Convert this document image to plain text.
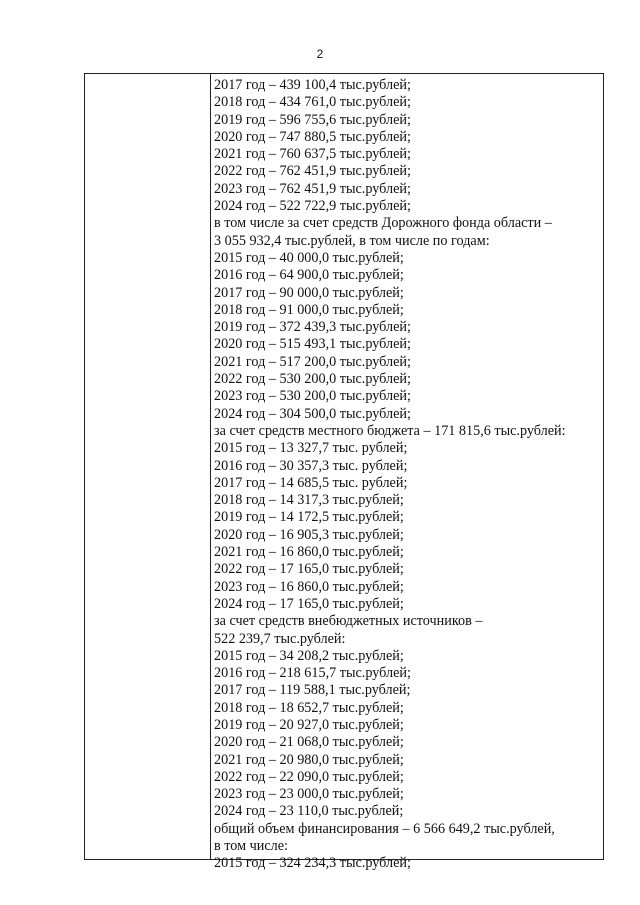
2
2017 год – 439 100,4 тыс.рублей;
2018 год – 434 761,0 тыс.рублей;
2019 год – 596 755,6 тыс.рублей;
2020 год – 747 880,5 тыс.рублей;
2021 год – 760 637,5 тыс.рублей;
2022 год – 762 451,9 тыс.рублей;
2023 год – 762 451,9 тыс.рублей;
2024 год – 522 722,9 тыс.рублей;
в том числе за счет средств Дорожного фонда области –
3 055 932,4 тыс.рублей, в том числе по годам:
2015 год – 40 000,0 тыс.рублей;
2016 год – 64 900,0 тыс.рублей;
2017 год – 90 000,0 тыс.рублей;
2018 год – 91 000,0 тыс.рублей;
2019 год – 372 439,3 тыс.рублей;
2020 год – 515 493,1 тыс.рублей;
2021 год – 517 200,0 тыс.рублей;
2022 год – 530 200,0 тыс.рублей;
2023 год – 530 200,0 тыс.рублей;
2024 год – 304 500,0 тыс.рублей;
за счет средств местного бюджета – 171 815,6 тыс.рублей:
2015 год – 13 327,7 тыс. рублей;
2016 год – 30 357,3 тыс. рублей;
2017 год – 14 685,5 тыс. рублей;
2018 год – 14 317,3 тыс.рублей;
2019 год – 14 172,5 тыс.рублей;
2020 год – 16 905,3 тыс.рублей;
2021 год – 16 860,0 тыс.рублей;
2022 год – 17 165,0 тыс.рублей;
2023 год – 16 860,0 тыс.рублей;
2024 год – 17 165,0 тыс.рублей;
за счет средств внебюджетных источников –
522 239,7 тыс.рублей:
2015 год – 34 208,2 тыс.рублей;
2016 год – 218 615,7 тыс.рублей;
2017 год – 119 588,1 тыс.рублей;
2018 год – 18 652,7 тыс.рублей;
2019 год – 20 927,0 тыс.рублей;
2020 год – 21 068,0 тыс.рублей;
2021 год – 20 980,0 тыс.рублей;
2022 год – 22 090,0 тыс.рублей;
2023 год – 23 000,0 тыс.рублей;
2024 год – 23 110,0 тыс.рублей;
общий объем финансирования – 6 566 649,2 тыс.рублей,
в том числе:
2015 год – 324 234,3 тыс.рублей;
